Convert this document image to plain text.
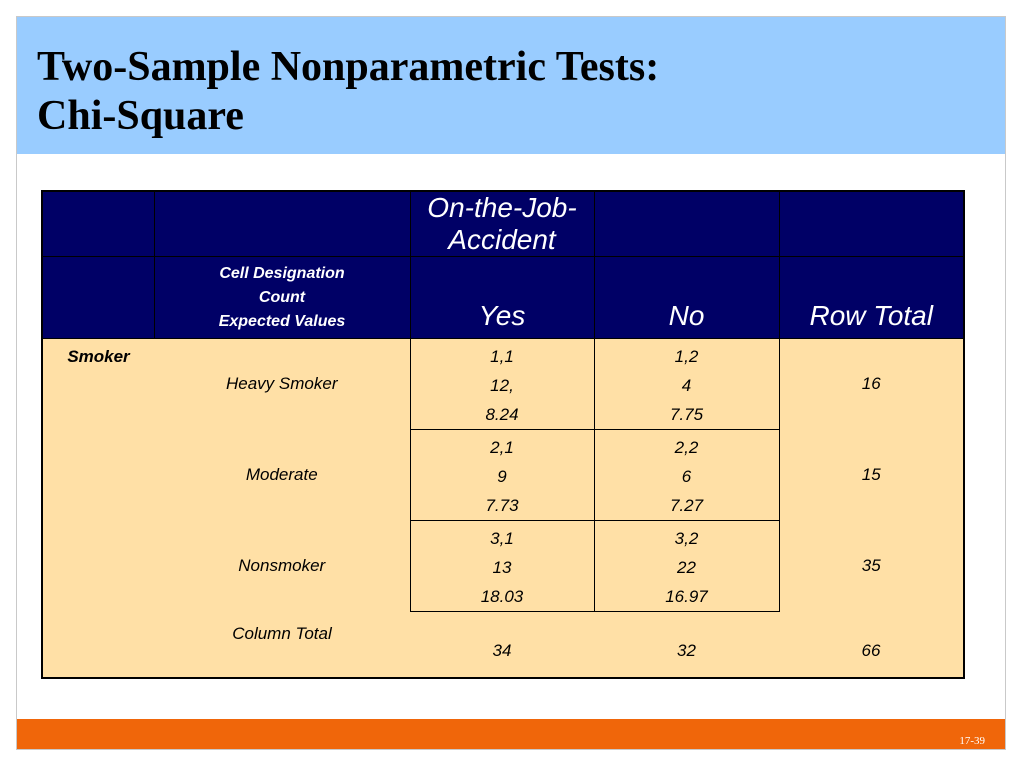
Two-Sample Nonparametric Tests:
Chi-Square
17-39
		On-the-Job-Accident		

	Cell Designation
Count
Expected Values	Yes	No	Row Total
Smoker	Heavy Smoker	1,1
12,
8.24	1,2
4
7.75	16
	Moderate	2,1
9
7.73	2,2
6
7.27	15
	Nonsmoker	3,1
13
18.03	3,2
22
16.97	35
	Column Total	34	32	66
